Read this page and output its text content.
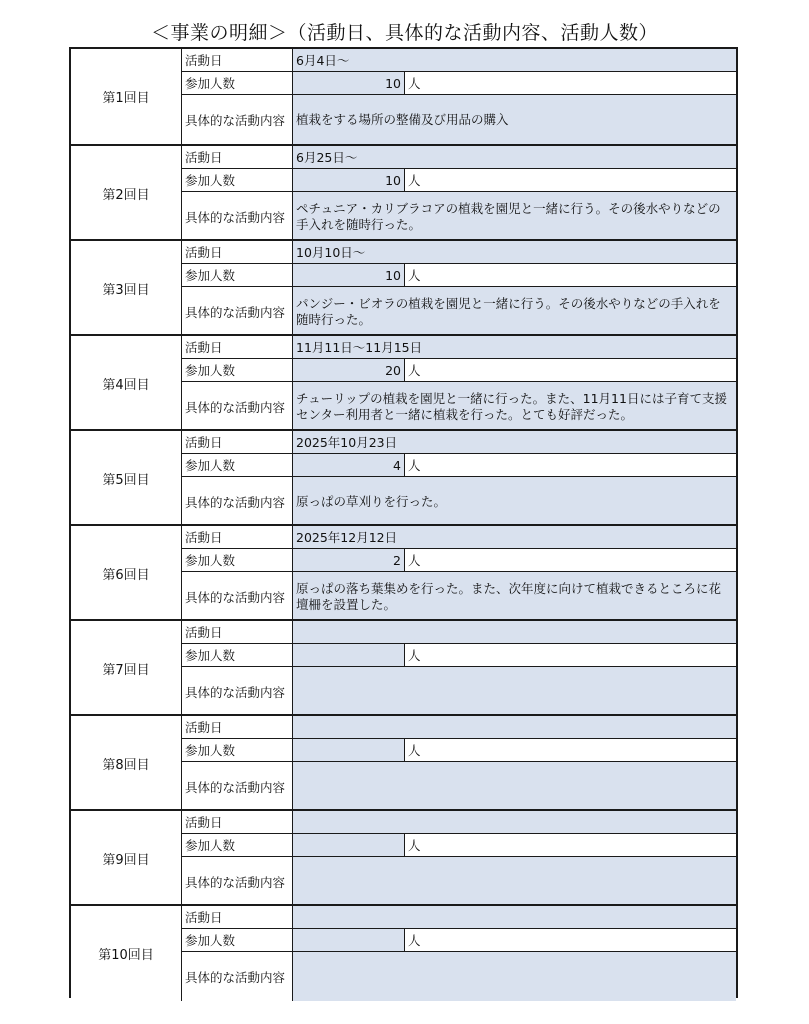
＜事業の明細＞（活動日、具体的な活動内容、活動人数）
第1回目
活動日	6月4日～
参加人数	10 人
具体的な活動内容 植栽をする場所の整備及び用品の購入
第2回目
活動日	6月25日～
参加人数	10 人
具体的な活動内容
ペチュニア・カリブラコアの植栽を園児と一緒に行う。その後水やりなどの手入れを随時行った。
第3回目
活動日	10月10日～
参加人数	10 人
具体的な活動内容
パンジー・ビオラの植栽を園児と一緒に行う。その後水やりなどの手入れを随時行った。
第4回目
活動日	11月11日～11月15日
参加人数	20 人
具体的な活動内容
チューリップの植栽を園児と一緒に行った。また、11月11日には子育て支援センター利用者と一緒に植栽を行った。とても好評だった。
第5回目
活動日	2025年10月23日
参加人数	4 人
具体的な活動内容 原っぱの草刈りを行った。
第6回目
活動日	2025年12月12日
参加人数	2 人
具体的な活動内容
原っぱの落ち葉集めを行った。また、次年度に向けて植栽できるところに花壇柵を設置した。
第7回目
活動日
参加人数	人
具体的な活動内容
第8回目
活動日
参加人数	人
具体的な活動内容
第9回目
活動日
参加人数	人
具体的な活動内容
第10回目
活動日
参加人数	人
具体的な活動内容
